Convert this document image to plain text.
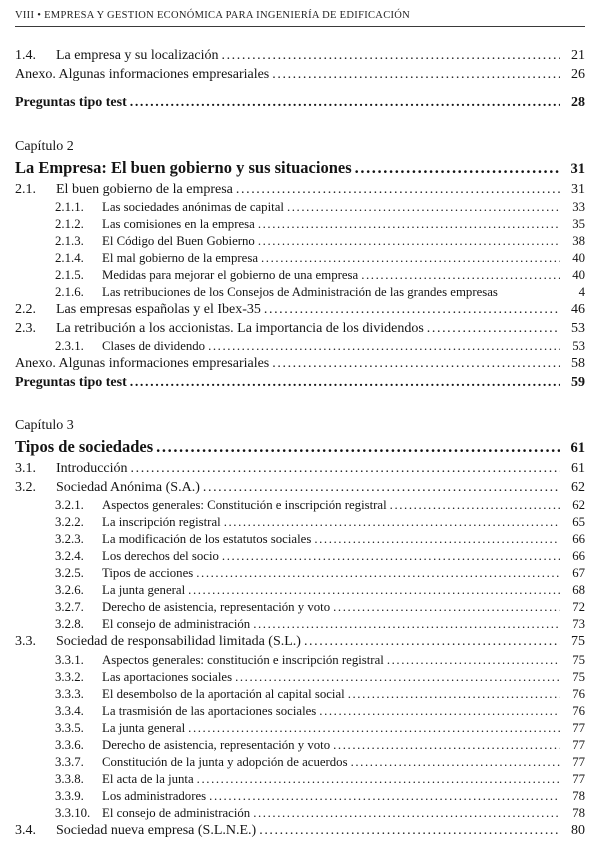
VIII • EMPRESA Y GESTION ECONÓMICA PARA INGENIERÍA DE EDIFICACIÓN
1.4.	La empresa y su localización .....	21
Anexo. Algunas informaciones empresariales .....	26
Preguntas tipo test .....	28
Capítulo 2
La Empresa: El buen gobierno y sus situaciones .....	31
2.1.	El buen gobierno de la empresa .....	31
2.1.1.	Las sociedades anónimas de capital .....	33
2.1.2.	Las comisiones en la empresa .....	35
2.1.3.	El Código del Buen Gobierno .....	38
2.1.4.	El mal gobierno de la empresa .....	40
2.1.5.	Medidas para mejorar el gobierno de una empresa .....	40
2.1.6.	Las retribuciones de los Consejos de Administración de las grandes empresas	4
2.2.	Las empresas españolas y el Ibex-35 .....	46
2.3.	La retribución a los accionistas. La importancia de los dividendos .....	53
2.3.1.	Clases de dividendo .....	53
Anexo. Algunas informaciones empresariales .....	58
Preguntas tipo test .....	59
Capítulo 3
Tipos de sociedades .....	61
3.1.	Introducción .....	61
3.2.	Sociedad Anónima (S.A.) .....	62
3.2.1.	Aspectos generales: Constitución e inscripción registral .....	62
3.2.2.	La inscripción registral .....	65
3.2.3.	La modificación de los estatutos sociales .....	66
3.2.4.	Los derechos del socio .....	66
3.2.5.	Tipos de acciones .....	67
3.2.6.	La junta general .....	68
3.2.7.	Derecho de asistencia, representación y voto .....	72
3.2.8.	El consejo de administración .....	73
3.3.	Sociedad de responsabilidad limitada (S.L.) .....	75
3.3.1.	Aspectos generales: constitución e inscripción registral .....	75
3.3.2.	Las aportaciones sociales .....	75
3.3.3.	El desembolso de la aportación al capital social .....	76
3.3.4.	La trasmisión de las aportaciones sociales .....	76
3.3.5.	La junta general .....	77
3.3.6.	Derecho de asistencia, representación y voto .....	77
3.3.7.	Constitución de la junta y adopción de acuerdos .....	77
3.3.8.	El acta de la junta .....	77
3.3.9.	Los administradores .....	78
3.3.10. El consejo de administración .....	78
3.4.	Sociedad nueva empresa (S.L.N.E.) .....	80
